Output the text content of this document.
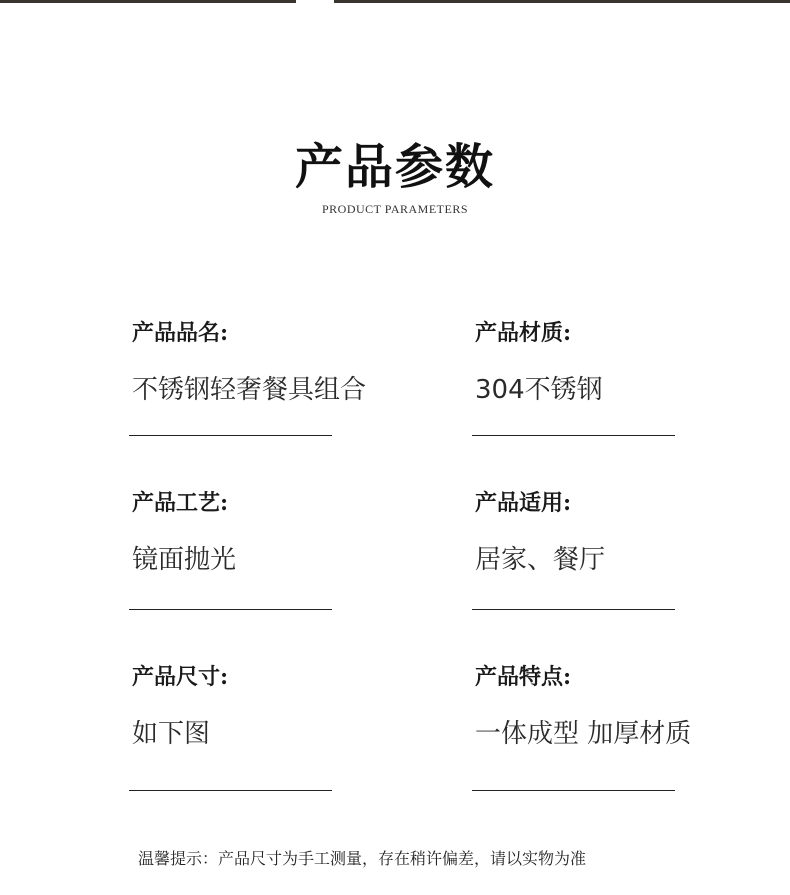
产品参数
PRODUCT PARAMETERS
产品品名:
不锈钢轻奢餐具组合
产品材质:
304不锈钢
产品工艺:
镜面抛光
产品适用:
居家、餐厅
产品尺寸:
如下图
产品特点:
一体成型 加厚材质
温馨提示：产品尺寸为手工测量，存在稍许偏差，请以实物为准
